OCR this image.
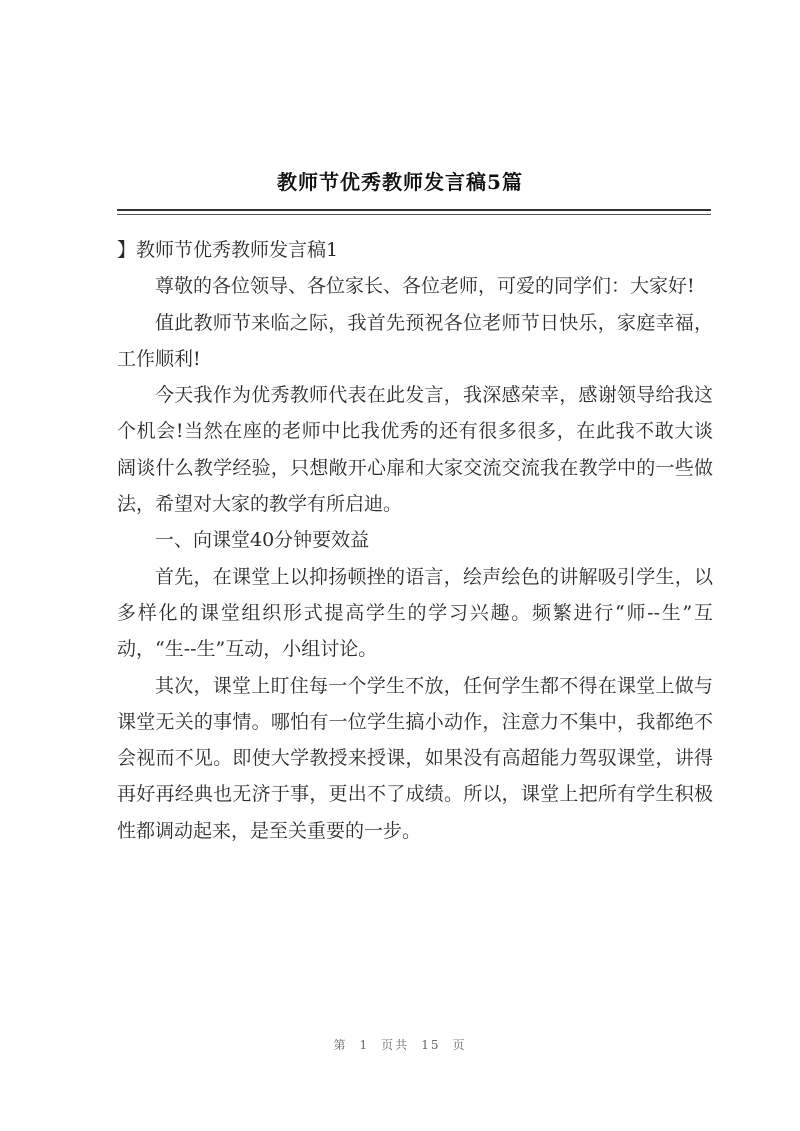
教师节优秀教师发言稿5篇

】教师节优秀教师发言稿1

尊敬的各位领导、各位家长、各位老师，可爱的同学们：大家好!

值此教师节来临之际，我首先预祝各位老师节日快乐，家庭幸福，工作顺利!

今天我作为优秀教师代表在此发言，我深感荣幸，感谢领导给我这个机会!当然在座的老师中比我优秀的还有很多很多，在此我不敢大谈阔谈什么教学经验，只想敞开心扉和大家交流交流我在教学中的一些做法，希望对大家的教学有所启迪。

一、向课堂40分钟要效益

首先，在课堂上以抑扬顿挫的语言，绘声绘色的讲解吸引学生，以多样化的课堂组织形式提高学生的学习兴趣。频繁进行“师--生”互动，“生--生”互动，小组讨论。

其次，课堂上盯住每一个学生不放，任何学生都不得在课堂上做与课堂无关的事情。哪怕有一位学生搞小动作，注意力不集中，我都绝不会视而不见。即使大学教授来授课，如果没有高超能力驾驭课堂，讲得再好再经典也无济于事，更出不了成绩。所以，课堂上把所有学生积极性都调动起来，是至关重要的一步。

第 1 页共 15 页
